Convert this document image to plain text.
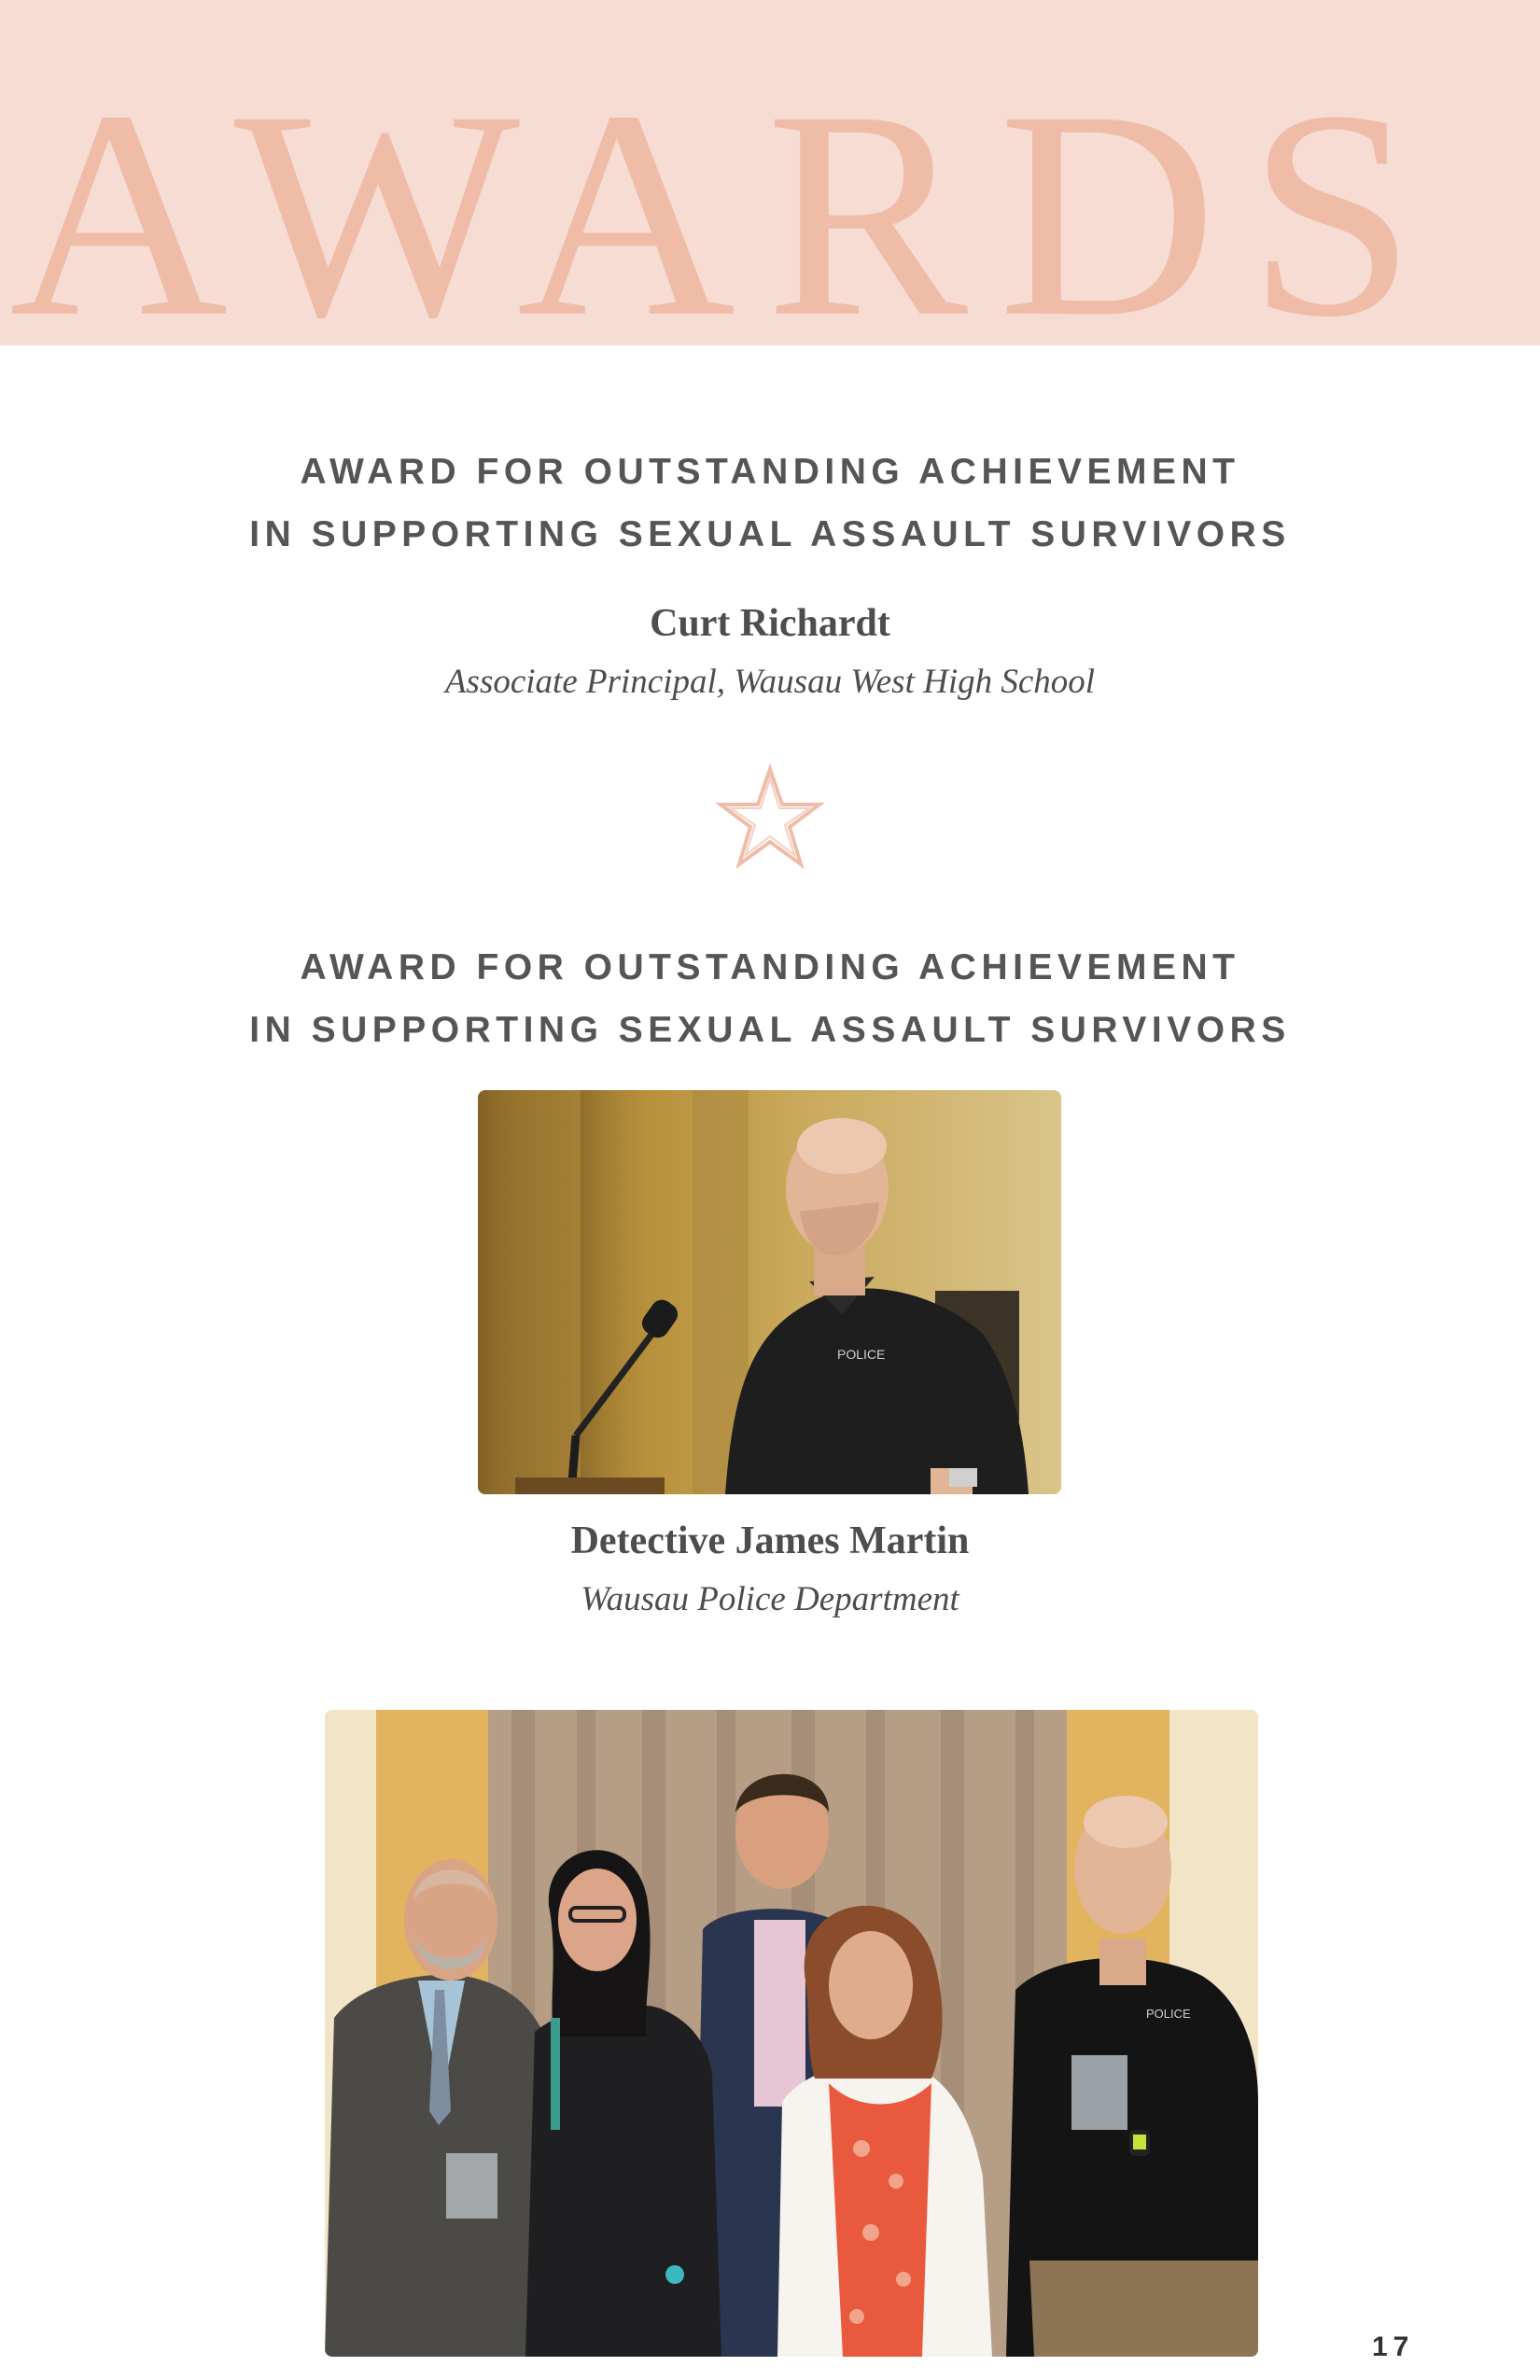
AWARDS
AWARD FOR OUTSTANDING ACHIEVEMENT
IN SUPPORTING SEXUAL ASSAULT SURVIVORS
Curt Richardt
Associate Principal, Wausau West High School
AWARD FOR OUTSTANDING ACHIEVEMENT
IN SUPPORTING SEXUAL ASSAULT SURVIVORS
POLICE
Detective James Martin
Wausau Police Department
POLICE
17
